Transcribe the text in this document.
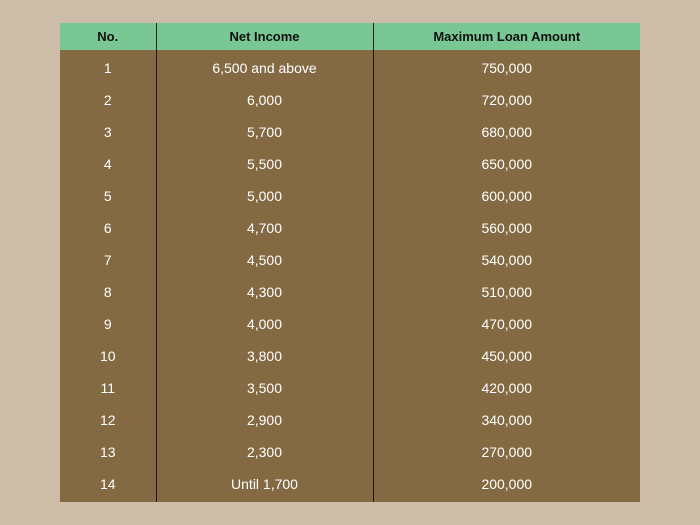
No.	Net Income	Maximum Loan Amount
1	6,500 and above	750,000
2	6,000	720,000
3	5,700	680,000
4	5,500	650,000
5	5,000	600,000
6	4,700	560,000
7	4,500	540,000
8	4,300	510,000
9	4,000	470,000
10	3,800	450,000
11	3,500	420,000
12	2,900	340,000
13	2,300	270,000
14	Until 1,700	200,000
